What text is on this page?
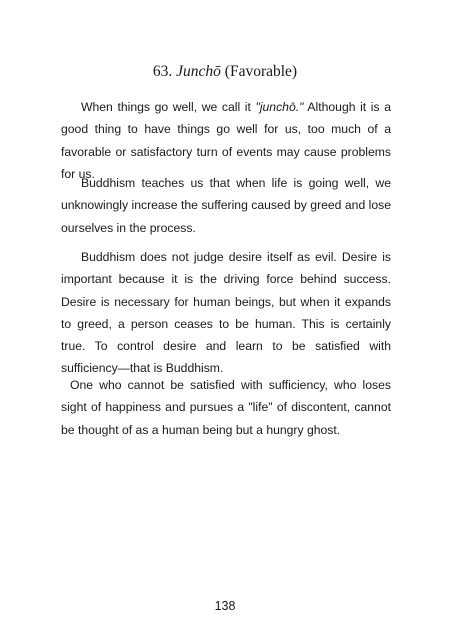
63. Junchō (Favorable)

When things go well, we call it "junchō." Although it is a good thing to have things go well for us, too much of a favorable or satisfactory turn of events may cause problems for us.

Buddhism teaches us that when life is going well, we unknowingly increase the suffering caused by greed and lose ourselves in the process.

Buddhism does not judge desire itself as evil. Desire is important because it is the driving force behind success. Desire is necessary for human beings, but when it expands to greed, a person ceases to be human. This is certainly true. To control desire and learn to be satisfied with sufficiency—that is Buddhism.

One who cannot be satisfied with sufficiency, who loses sight of happiness and pursues a "life" of discontent, cannot be thought of as a human being but a hungry ghost.

138
